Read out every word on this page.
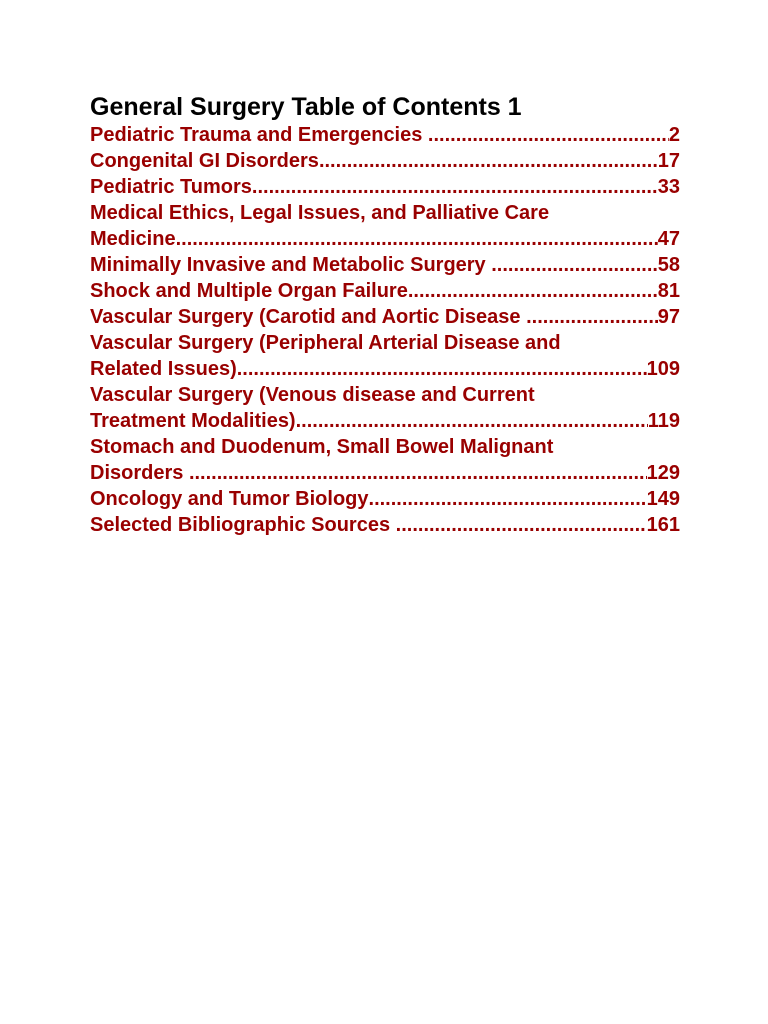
General Surgery Table of Contents 1
Pediatric Trauma and Emergencies .....	2
Congenital GI Disorders .....	17
Pediatric Tumors .....	33
Medical Ethics, Legal Issues, and Palliative Care
Medicine .....	47
Minimally Invasive and Metabolic Surgery .....	58
Shock and Multiple Organ Failure .....	81
Vascular Surgery (Carotid and Aortic Disease .....	97
Vascular Surgery (Peripheral Arterial Disease and
Related Issues) .....	109
Vascular Surgery (Venous disease and Current
Treatment Modalities) .....	119
Stomach and Duodenum, Small Bowel Malignant
Disorders .....	129
Oncology and Tumor Biology .....	149
Selected Bibliographic Sources .....	161
